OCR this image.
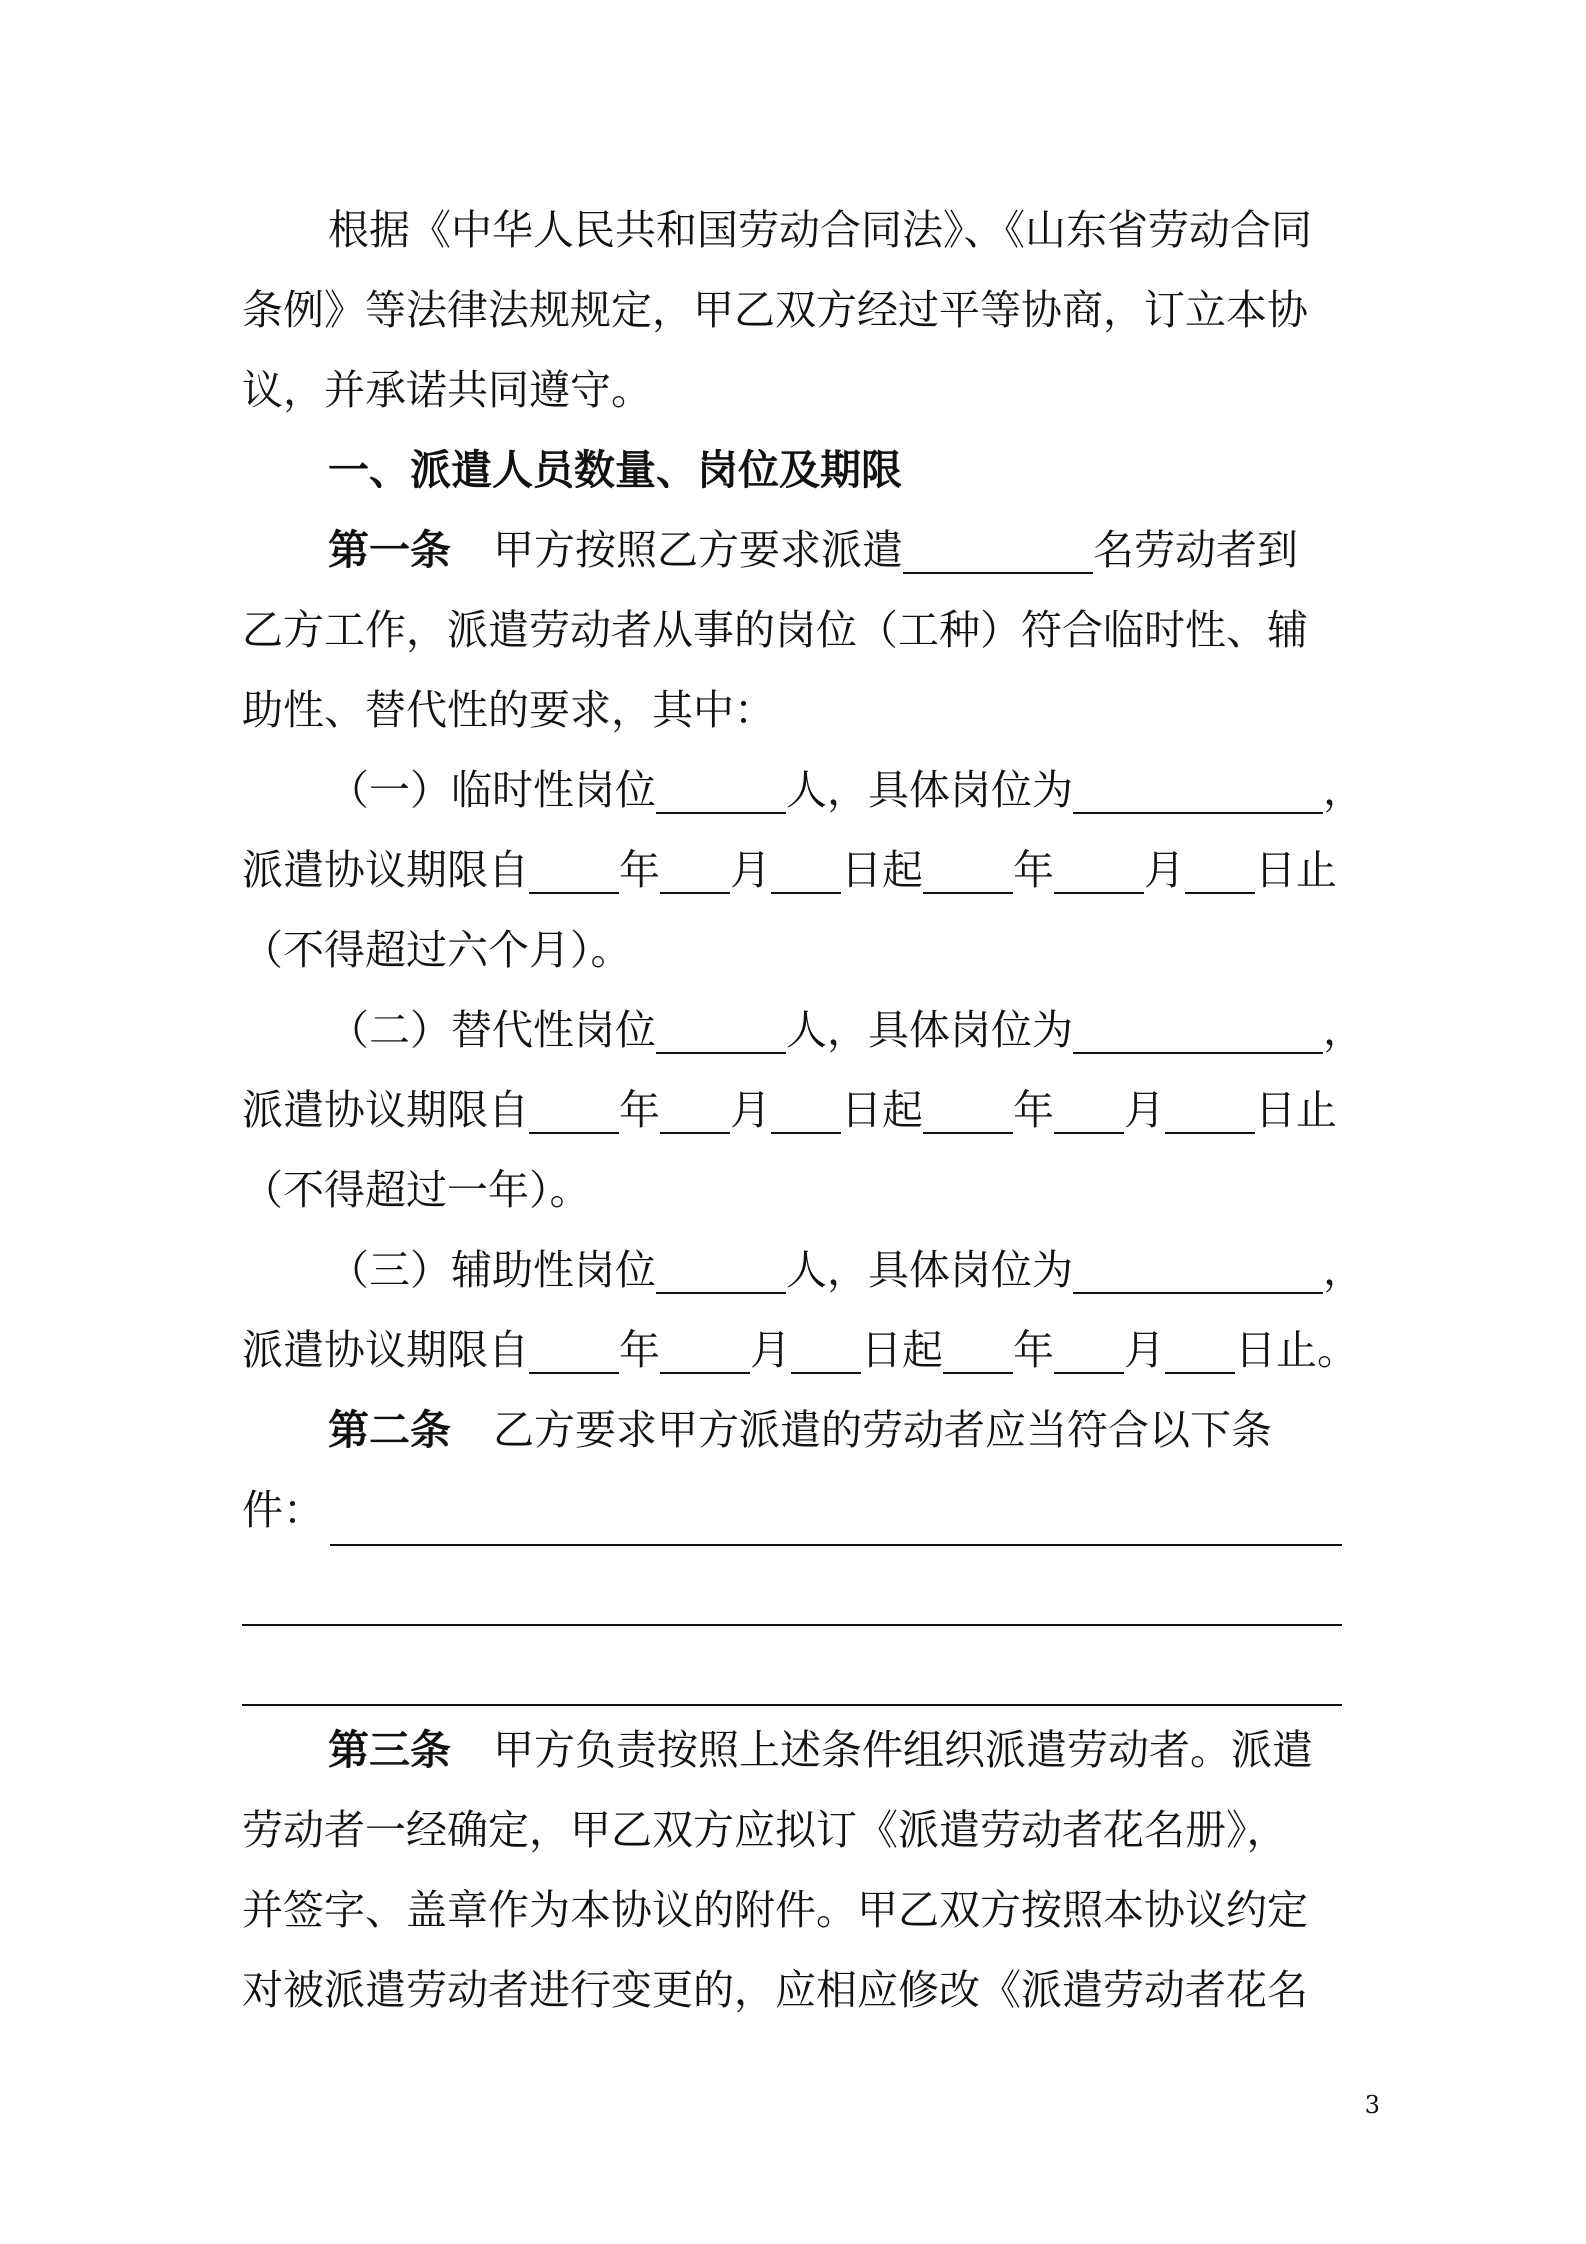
根据《中华人民共和国劳动合同法》、《山东省劳动合同
条例》等法律法规规定，甲乙双方经过平等协商，订立本协
议，并承诺共同遵守。
一、派遣人员数量、岗位及期限
第一条 甲方按照乙方要求派遣	名劳动者到
乙方工作，派遣劳动者从事的岗位（工种）符合临时性、辅
助性、替代性的要求，其中：
（一）临时性岗位	人，具体岗位为	，
派遣协议期限自 年 月 日起 年 月 日止
（不得超过六个月）。
（二）替代性岗位	人，具体岗位为	，
派遣协议期限自 年 月 日起 年 月 日止
（不得超过一年）。
（三）辅助性岗位	人，具体岗位为	，
派遣协议期限自 年 月 日起 年 月 日止。
第二条 乙方要求甲方派遣的劳动者应当符合以下条
件：
第三条 甲方负责按照上述条件组织派遣劳动者。派遣
劳动者一经确定，甲乙双方应拟订《派遣劳动者花名册》，
并签字、盖章作为本协议的附件。甲乙双方按照本协议约定
对被派遣劳动者进行变更的，应相应修改《派遣劳动者花名
3
